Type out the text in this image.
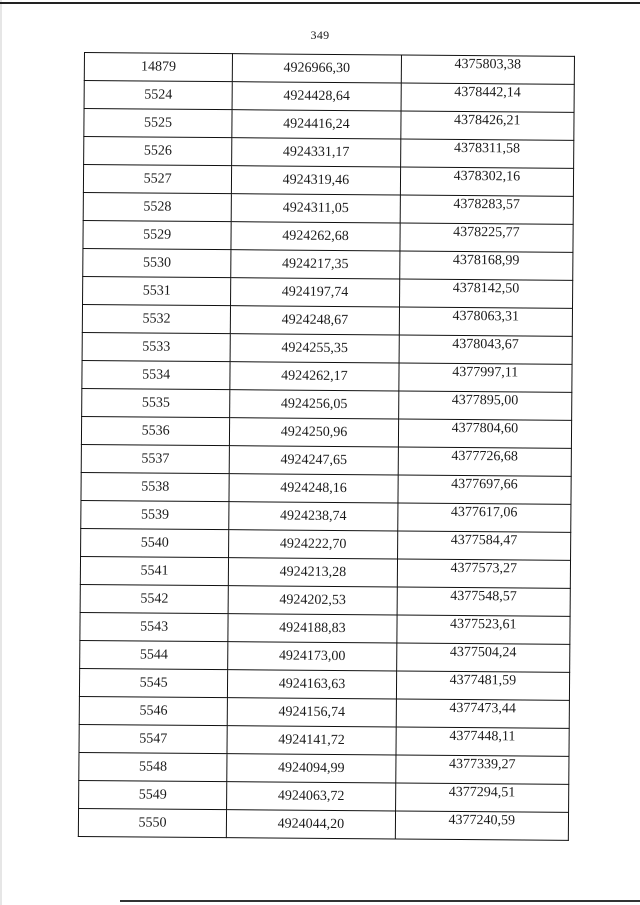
349
14879	4926966,30	4375803,38
5524	4924428,64	4378442,14
5525	4924416,24	4378426,21
5526	4924331,17	4378311,58
5527	4924319,46	4378302,16
5528	4924311,05	4378283,57
5529	4924262,68	4378225,77
5530	4924217,35	4378168,99
5531	4924197,74	4378142,50
5532	4924248,67	4378063,31
5533	4924255,35	4378043,67
5534	4924262,17	4377997,11
5535	4924256,05	4377895,00
5536	4924250,96	4377804,60
5537	4924247,65	4377726,68
5538	4924248,16	4377697,66
5539	4924238,74	4377617,06
5540	4924222,70	4377584,47
5541	4924213,28	4377573,27
5542	4924202,53	4377548,57
5543	4924188,83	4377523,61
5544	4924173,00	4377504,24
5545	4924163,63	4377481,59
5546	4924156,74	4377473,44
5547	4924141,72	4377448,11
5548	4924094,99	4377339,27
5549	4924063,72	4377294,51
5550	4924044,20	4377240,59
